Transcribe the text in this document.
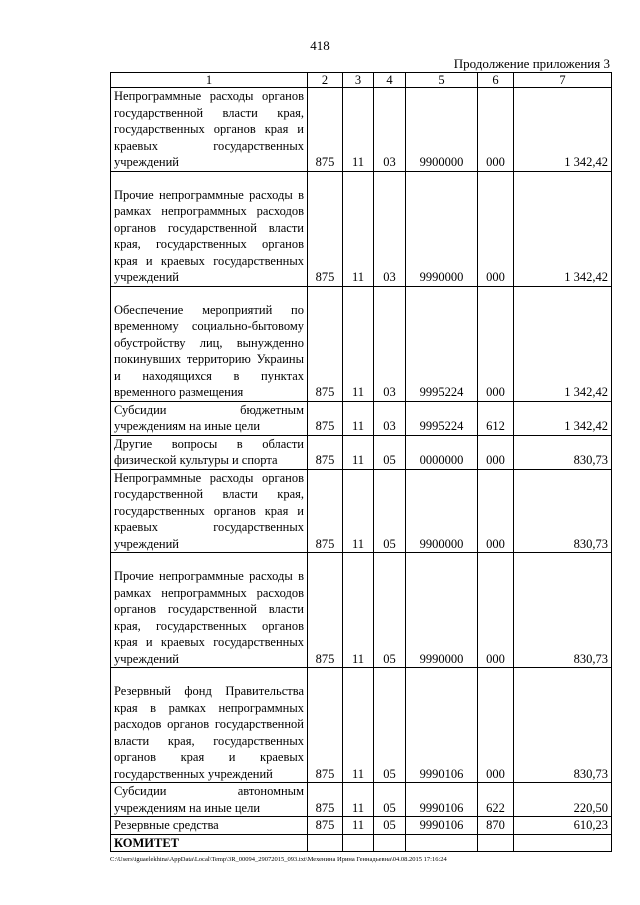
418
Продолжение приложения 3
1	2	3	4	5	6	7
Непрограммные расходы органов государственной власти края, государственных органов края и краевых государственных учреждений	875	11	03	9900000	000	1 342,42
Прочие непрограммные расходы в рамках непрограммных расходов органов государственной власти края, государственных органов края и краевых государственных учреждений	875	11	03	9990000	000	1 342,42
Обеспечение мероприятий по временному социально-бытовому обустройству лиц, вынужденно покинувших территорию Украины и находящихся в пунктах временного размещения	875	11	03	9995224	000	1 342,42
Субсидии бюджетным учреждениям на иные цели	875	11	03	9995224	612	1 342,42
Другие вопросы в области физической культуры и спорта	875	11	05	0000000	000	830,73
Непрограммные расходы органов государственной власти края, государственных органов края и краевых государственных учреждений	875	11	05	9900000	000	830,73
Прочие непрограммные расходы в рамках непрограммных расходов органов государственной власти края, государственных органов края и краевых государственных учреждений	875	11	05	9990000	000	830,73
Резервный фонд Правительства края в рамках непрограммных расходов органов государственной власти края, государственных органов края и краевых государственных учреждений	875	11	05	9990106	000	830,73
Субсидии автономным учреждениям на иные цели	875	11	05	9990106	622	220,50
Резервные средства	875	11	05	9990106	870	610,23
КОМИТЕТ						
C:\Users\iguaelekhina\AppData\Local\Temp\3R_00094_29072015_093.txt\Мехенина Ирина Геннадьевна\04.08.2015 17:16:24
